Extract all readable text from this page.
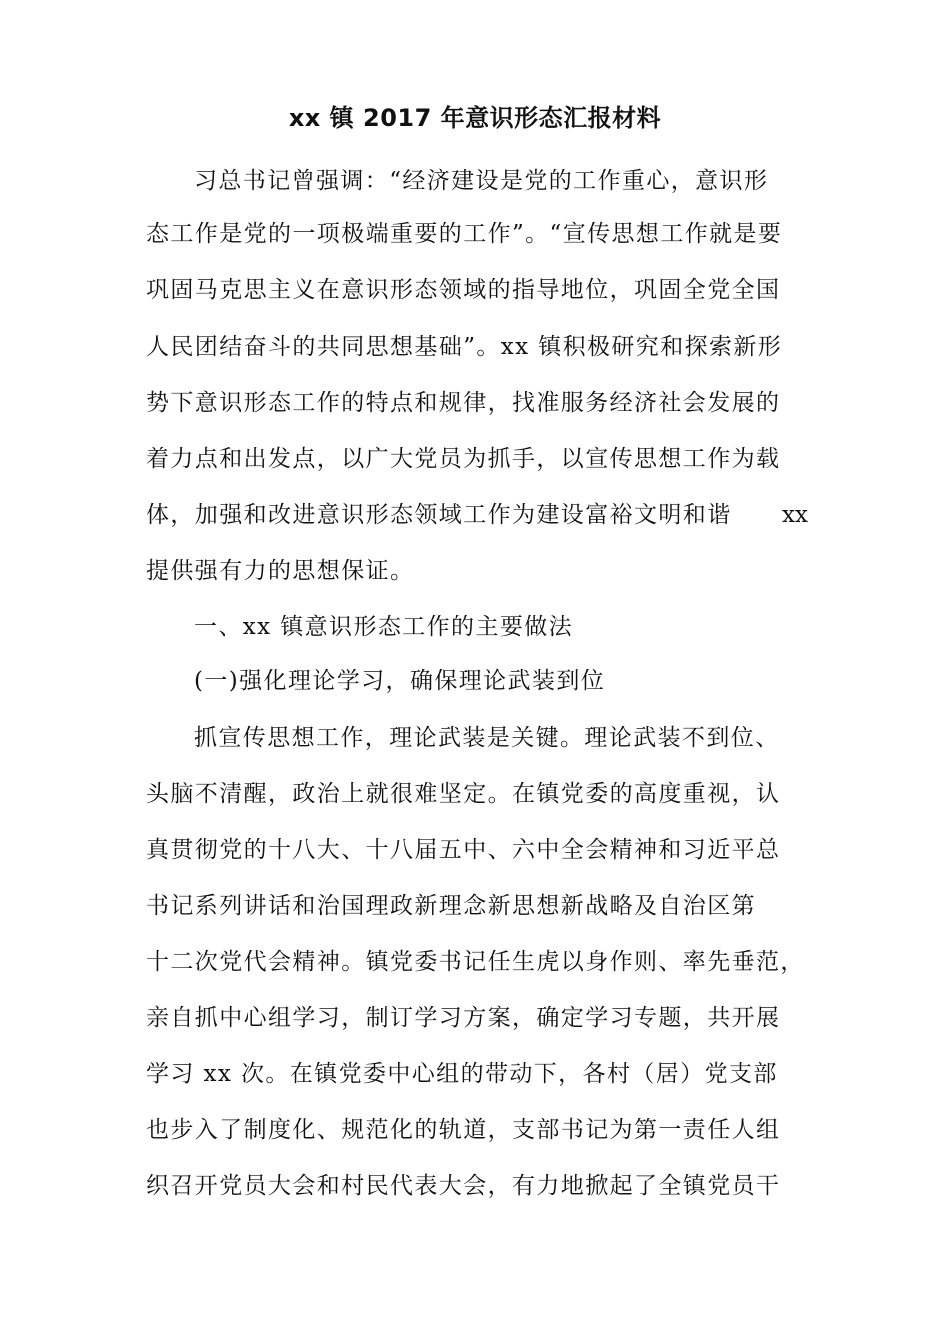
xx 镇 2017 年意识形态汇报材料
习总书记曾强调：“经济建设是党的工作重心，意识形
态工作是党的一项极端重要的工作”。“宣传思想工作就是要
巩固马克思主义在意识形态领域的指导地位，巩固全党全国
人民团结奋斗的共同思想基础”。xx 镇积极研究和探索新形
势下意识形态工作的特点和规律，找准服务经济社会发展的
着力点和出发点，以广大党员为抓手，以宣传思想工作为载
体，加强和改进意识形态领域工作为建设富裕文明和谐 xx
提供强有力的思想保证。
一、xx 镇意识形态工作的主要做法
(一)强化理论学习，确保理论武装到位
抓宣传思想工作，理论武装是关键。理论武装不到位、
头脑不清醒，政治上就很难坚定。在镇党委的高度重视，认
真贯彻党的十八大、十八届五中、六中全会精神和习近平总
书记系列讲话和治国理政新理念新思想新战略及自治区第
十二次党代会精神。镇党委书记任生虎以身作则、率先垂范，
亲自抓中心组学习，制订学习方案，确定学习专题，共开展
学习 xx 次。在镇党委中心组的带动下，各村（居）党支部
也步入了制度化、规范化的轨道，支部书记为第一责任人组
织召开党员大会和村民代表大会，有力地掀起了全镇党员干
